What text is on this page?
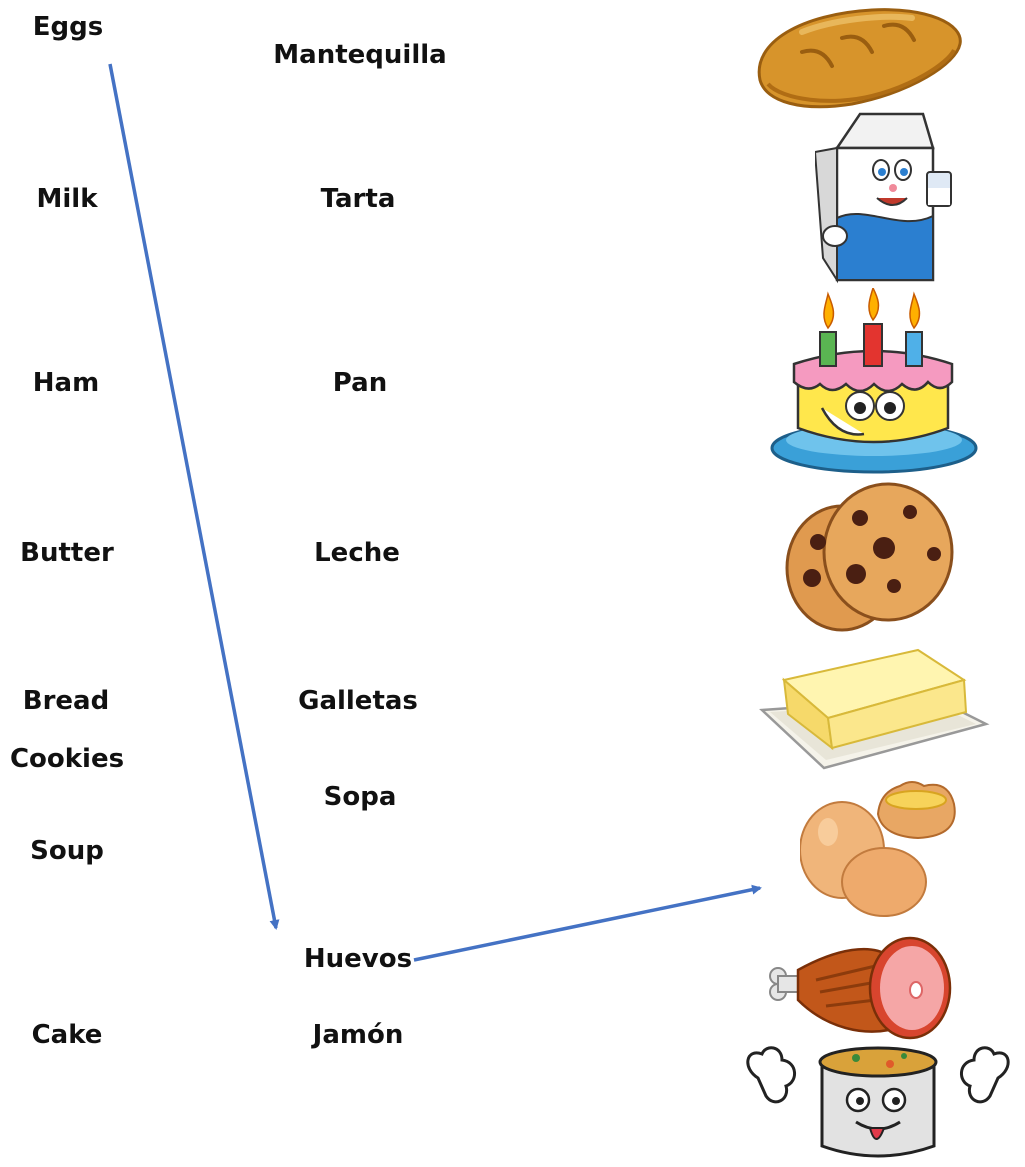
Eggs
Milk
Ham
Butter
Bread
Soup
Cookies
Cake
Mantequilla
Tarta
Pan
Leche
Galletas
Sopa
Huevos
Jamón
